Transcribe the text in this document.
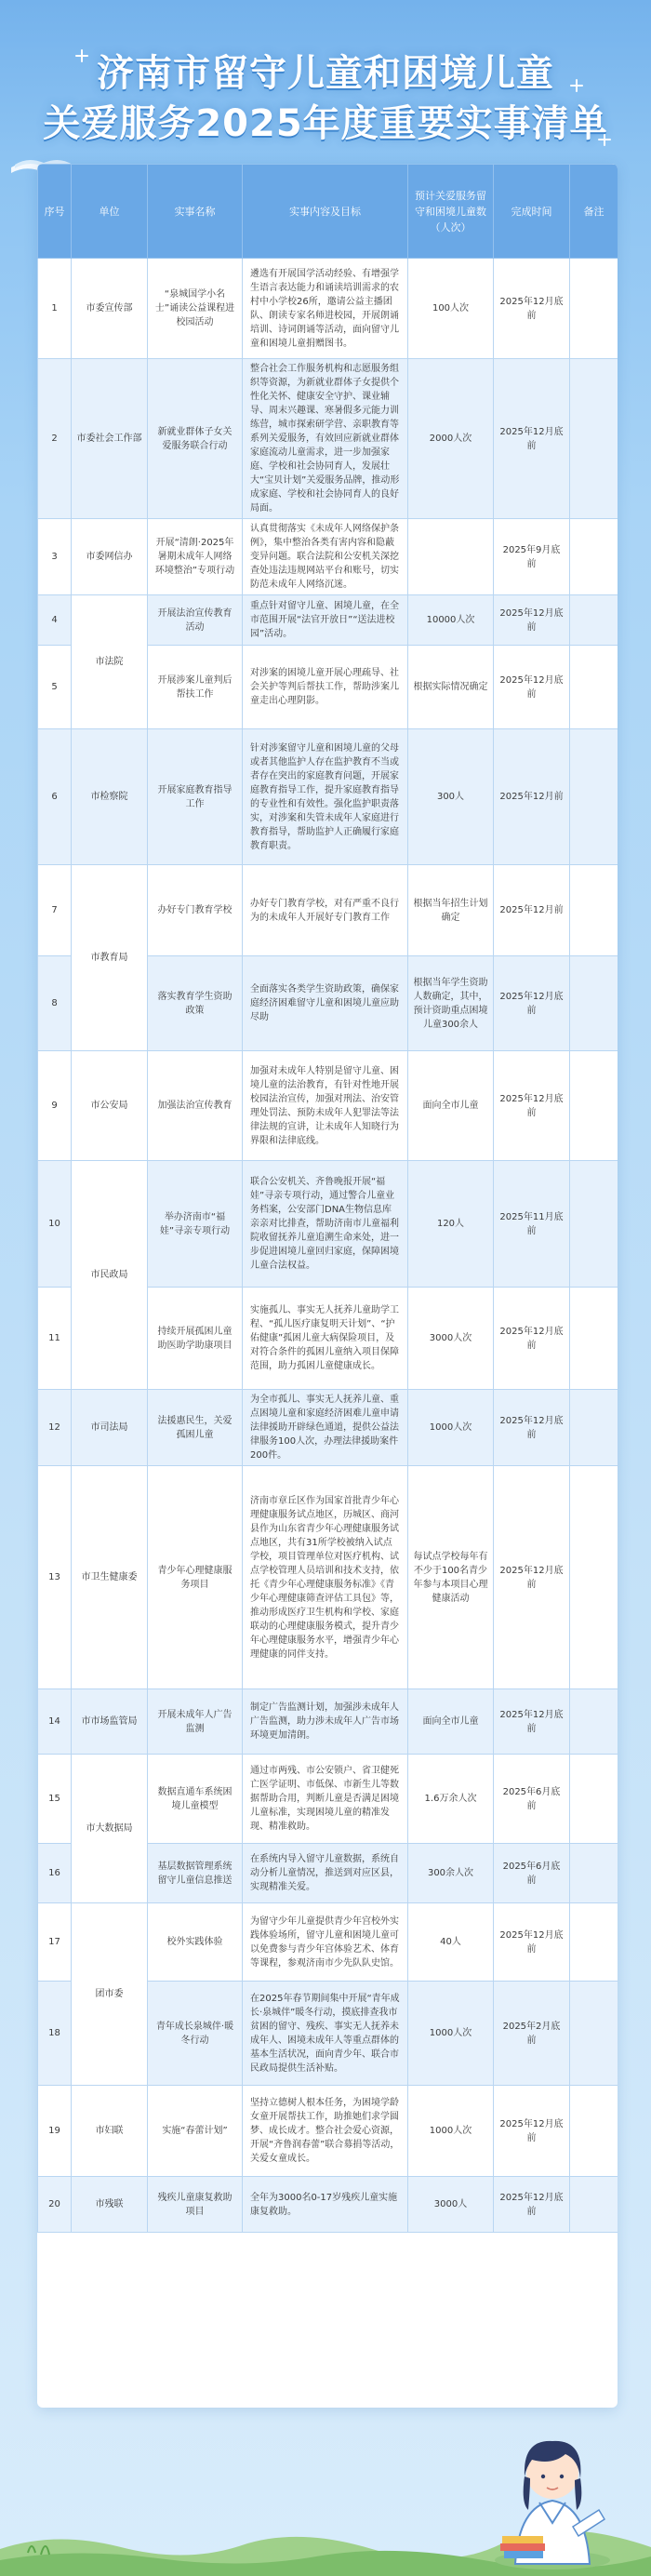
济南市留守儿童和困境儿童
关爱服务2025年度重要实事清单
序号	单位	实事名称	实事内容及目标	预计关爱服务留守和困境儿童数（人次）	完成时间	备注
1	市委宣传部	“泉城国学小名士”诵读公益课程进校园活动	遴选有开展国学活动经验、有增强学生语言表达能力和诵读培训需求的农村中小学校26所，邀请公益主播团队、朗读专家名师进校园，开展朗诵培训、诗词朗诵等活动，面向留守儿童和困境儿童捐赠图书。	100人次	2025年12月底前	
2	市委社会工作部	新就业群体子女关爱服务联合行动	整合社会工作服务机构和志愿服务组织等资源，为新就业群体子女提供个性化关怀、健康安全守护、课业辅导、周末兴趣课、寒暑假多元能力训练营，城市探索研学营、亲职教育等系列关爱服务，有效回应新就业群体家庭流动儿童需求，进一步加强家庭、学校和社会协同育人，发展壮大“宝贝计划”关爱服务品牌，推动形成家庭、学校和社会协同育人的良好局面。	2000人次	2025年12月底前	
3	市委网信办	开展“清朗·2025年暑期未成年人网络环境整治”专项行动	认真贯彻落实《未成年人网络保护条例》，集中整治各类有害内容和隐蔽变异问题。联合法院和公安机关深挖查处违法违规网站平台和账号，切实防范未成年人网络沉迷。		2025年9月底前	
4	市法院	开展法治宣传教育活动	重点针对留守儿童、困境儿童，在全市范围开展“法官开放日”“送法进校园”活动。	10000人次	2025年12月底前	
5		开展涉案儿童判后帮扶工作	对涉案的困境儿童开展心理疏导、社会关护等判后帮扶工作，帮助涉案儿童走出心理阴影。	根据实际情况确定	2025年12月底前	
6	市检察院	开展家庭教育指导工作	针对涉案留守儿童和困境儿童的父母或者其他监护人存在监护教育不当或者存在突出的家庭教育问题，开展家庭教育指导工作，提升家庭教育指导的专业性和有效性。强化监护职责落实，对涉案和失管未成年人家庭进行教育指导，帮助监护人正确履行家庭教育职责。	300人	2025年12月前	
7	市教育局	办好专门教育学校	办好专门教育学校，对有严重不良行为的未成年人开展好专门教育工作	根据当年招生计划确定	2025年12月前	
8		落实教育学生资助政策	全面落实各类学生资助政策，确保家庭经济困难留守儿童和困境儿童应助尽助	根据当年学生资助人数确定，其中，预计资助重点困境儿童300余人	2025年12月底前	
9	市公安局	加强法治宣传教育	加强对未成年人特别是留守儿童、困境儿童的法治教育，有针对性地开展校园法治宣传，加强对刑法、治安管理处罚法、预防未成年人犯罪法等法律法规的宣讲，让未成年人知晓行为界限和法律底线。	面向全市儿童	2025年12月底前	
10	市民政局	举办济南市“福娃”寻亲专项行动	联合公安机关、齐鲁晚报开展“福娃”寻亲专项行动，通过警合儿童业务档案，公安部门DNA生物信息库亲亲对比排查，帮助济南市儿童福利院收留抚养儿童追溯生命来处，进一步促进困境儿童回归家庭，保障困境儿童合法权益。	120人	2025年11月底前	
11		持续开展孤困儿童助医助学助康项目	实施孤儿、事实无人抚养儿童助学工程、“孤儿医疗康复明天计划”、“护佑健康”孤困儿童大病保险项目，及对符合条件的孤困儿童纳入项目保障范围，助力孤困儿童健康成长。	3000人次	2025年12月底前	
12	市司法局	法援惠民生，关爱孤困儿童	为全市孤儿、事实无人抚养儿童、重点困境儿童和家庭经济困难儿童申请法律援助开辟绿色通道，提供公益法律服务100人次，办理法律援助案件200件。	1000人次	2025年12月底前	
13	市卫生健康委	青少年心理健康服务项目	济南市章丘区作为国家首批青少年心理健康服务试点地区，历城区、商河县作为山东省青少年心理健康服务试点地区，共有31所学校被纳入试点学校，项目管理单位对医疗机构、试点学校管理人员培训和技术支持，依托《青少年心理健康服务标准》《青少年心理健康筛查评估工具包》等，推动形成医疗卫生机构和学校、家庭联动的心理健康服务模式，提升青少年心理健康服务水平，增强青少年心理健康的同伴支持。	每试点学校每年有不少于100名青少年参与本项目心理健康活动	2025年12月底前	
14	市市场监管局	开展未成年人广告监测	制定广告监测计划，加强涉未成年人广告监测，助力涉未成年人广告市场环境更加清朗。	面向全市儿童	2025年12月底前	
15	市大数据局	数据直通车系统困境儿童模型	通过市两残、市公安锁户、省卫健死亡医学证明、市低保、市新生儿等数据帮助合用，判断儿童是否满足困境儿童标准，实现困境儿童的精准发现、精准救助。	1.6万余人次	2025年6月底前	
16		基层数据管理系统留守儿童信息推送	在系统内导入留守儿童数据，系统自动分析儿童情况，推送到对应区县，实现精准关爱。	300余人次	2025年6月底前	
17	团市委	校外实践体验	为留守少年儿童提供青少年宫校外实践体验场所，留守儿童和困境儿童可以免费参与青少年宫体验艺术、体育等课程，参观济南市少先队队史馆。	40人	2025年12月底前	
18		青年成长泉城伴·暖冬行动	在2025年春节期间集中开展“青年成长·泉城伴”暖冬行动，摸底排查我市贫困的留守、残疾、事实无人抚养未成年人、困境未成年人等重点群体的基本生活状况，面向青少年、联合市民政局提供生活补贴。	1000人次	2025年2月底前	
19	市妇联	实施“春蕾计划”	坚持立德树人根本任务，为困境学龄女童开展帮扶工作，助推她们求学圆梦、成长成才。整合社会爱心资源，开展“齐鲁润春蕾”联合募捐等活动，关爱女童成长。	1000人次	2025年12月底前	
20	市残联	残疾儿童康复救助项目	全年为3000名0-17岁残疾儿童实施康复救助。	3000人	2025年12月底前	
